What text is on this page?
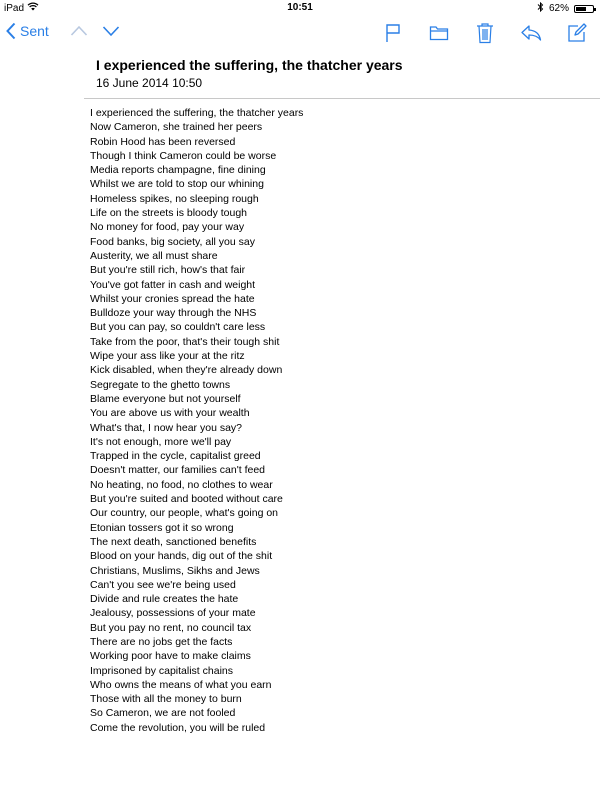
iPad	10:51	62%
Sent
I experienced the suffering, the thatcher years
16 June 2014 10:50
I experienced the suffering, the thatcher years
Now Cameron, she trained her peers
Robin Hood has been reversed
Though I think Cameron could be worse
Media reports champagne, fine dining
Whilst we are told to stop our whining
Homeless spikes, no sleeping rough
Life on the streets is bloody tough
No money for food, pay your way
Food banks, big society, all you say
Austerity, we all must share
But you're still rich, how's that fair
You've got fatter in cash and weight
Whilst your cronies spread the hate
Bulldoze your way through the NHS
But you can pay, so couldn't care less
Take from the poor, that's their tough shit
Wipe your ass like your at the ritz
Kick disabled, when they're already down
Segregate to the ghetto towns
Blame everyone but not yourself
You are above us with your wealth
What's that, I now hear you say?
It's not enough, more we'll pay
Trapped in the cycle, capitalist greed
Doesn't matter, our families can't feed
No heating, no food, no clothes to wear
But you're suited and booted without care
Our country, our people, what's going on
Etonian tossers got it so wrong
The next death, sanctioned benefits
Blood on your hands, dig out of the shit
Christians, Muslims, Sikhs and Jews
Can't you see we're being used
Divide and rule creates the hate
Jealousy, possessions of your mate
But you pay no rent, no council tax
There are no jobs get the facts
Working poor have to make claims
Imprisoned by capitalist chains
Who owns the means of what you earn
Those with all the money to burn
So Cameron, we are not fooled
Come the revolution, you will be ruled
